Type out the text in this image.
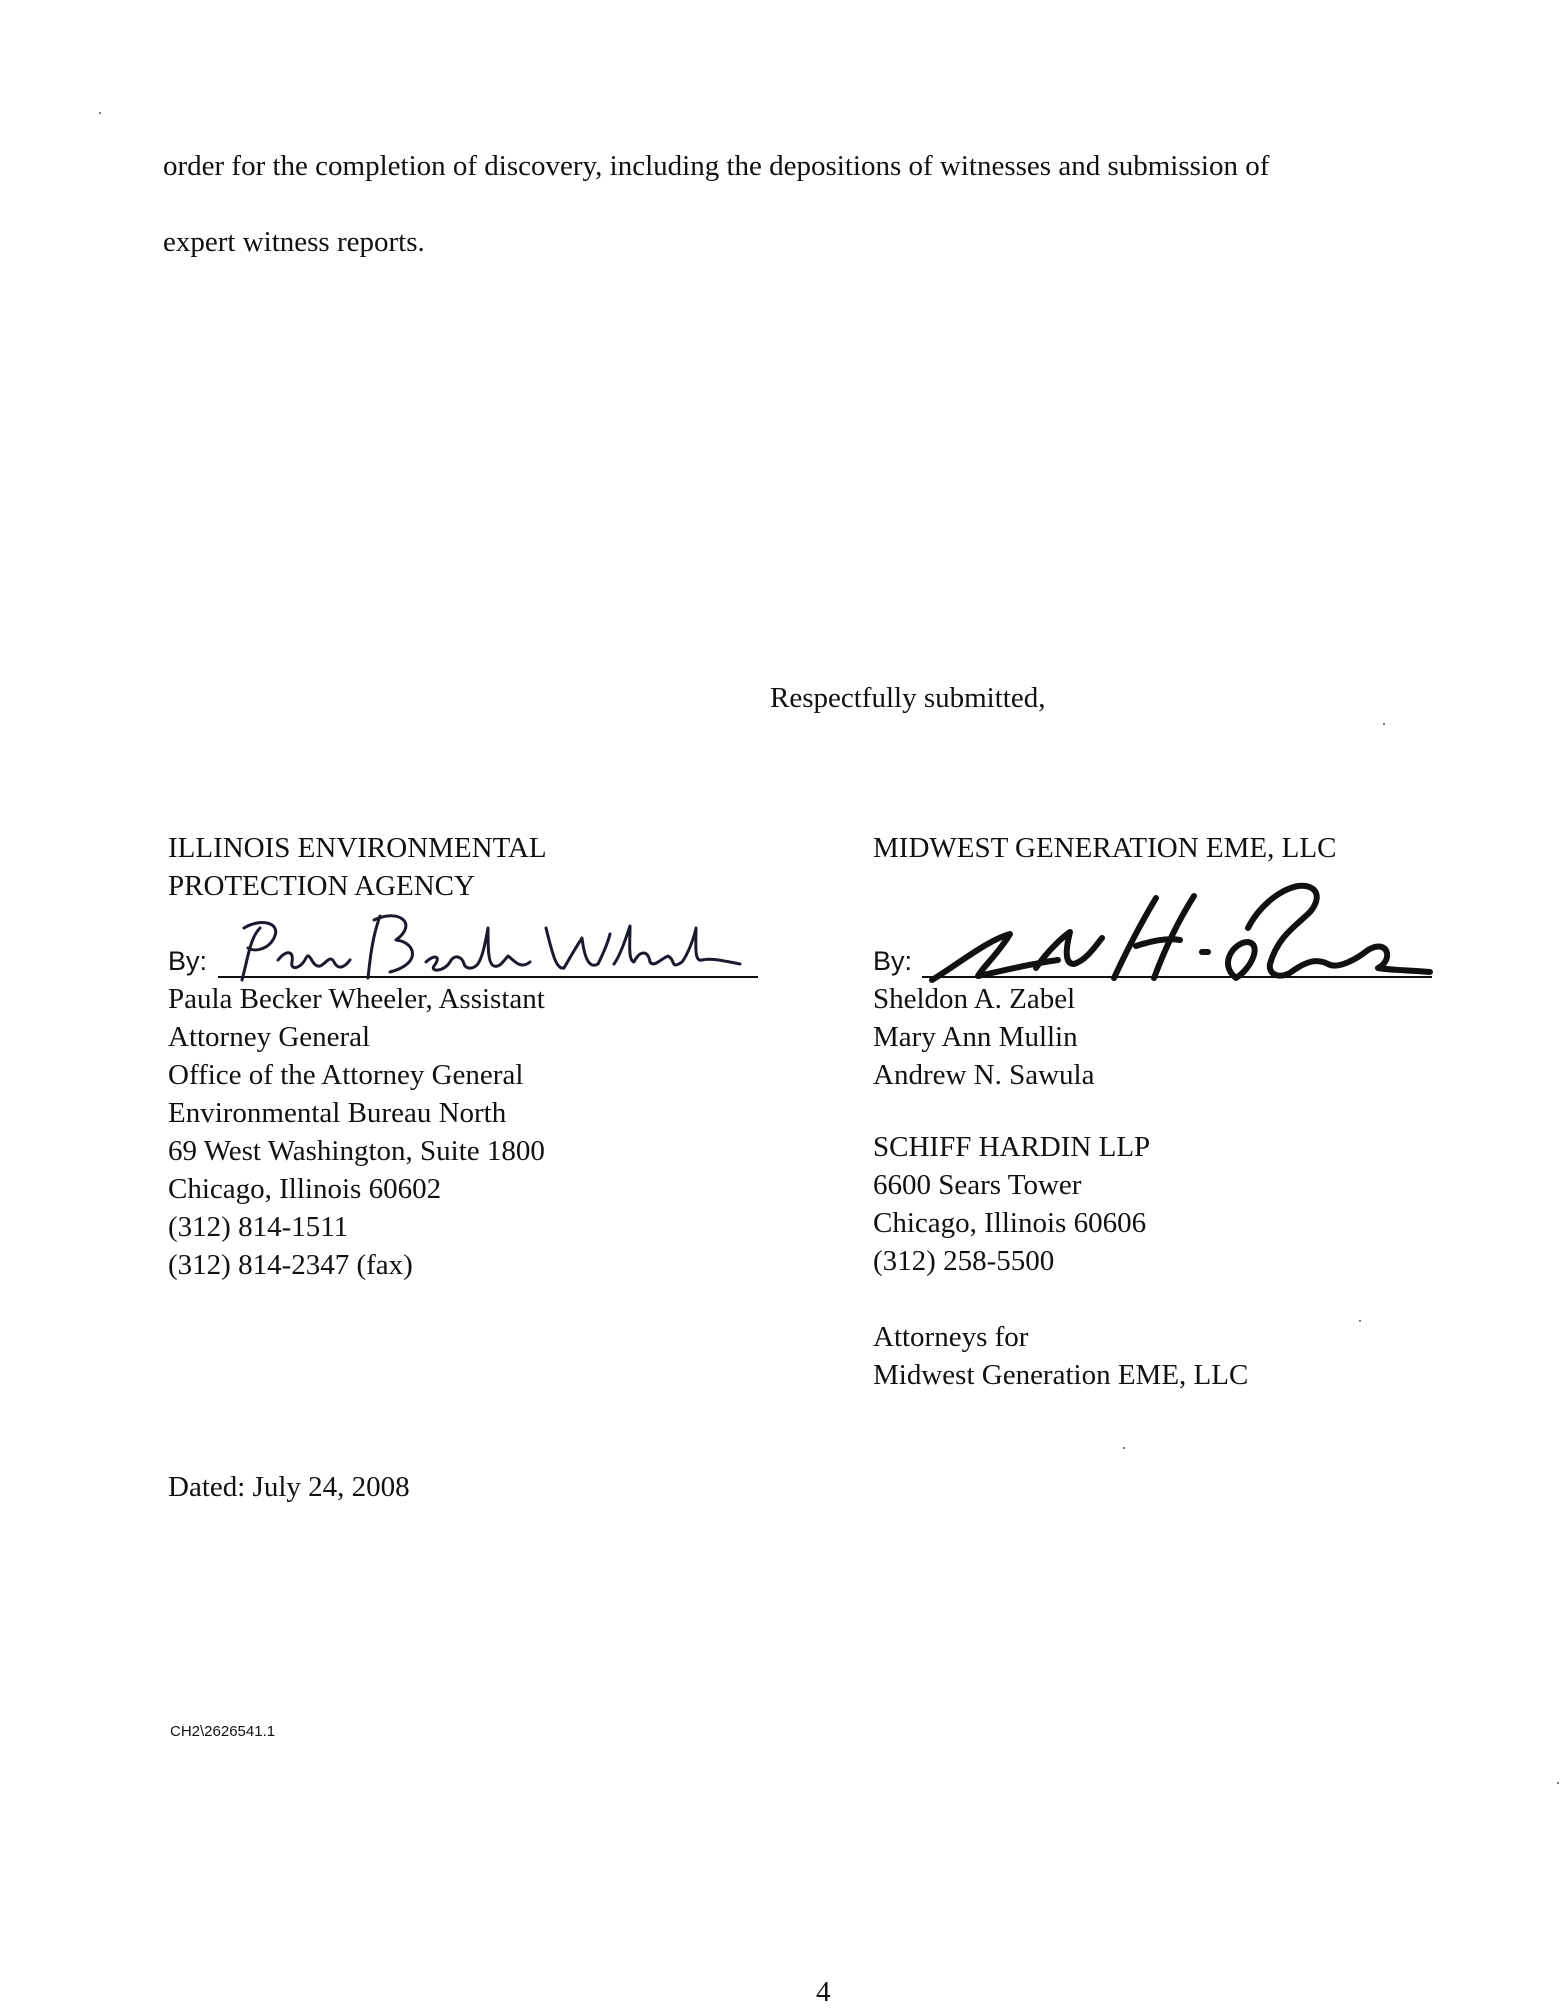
order for the completion of discovery, including the depositions of witnesses and submission of
expert witness reports.
Respectfully submitted,
ILLINOIS ENVIRONMENTAL
PROTECTION AGENCY
By:
Paula Becker Wheeler, Assistant
Attorney General
Office of the Attorney General
Environmental Bureau North
69 West Washington, Suite 1800
Chicago, Illinois 60602
(312) 814-1511
(312) 814-2347 (fax)
MIDWEST GENERATION EME, LLC
By:
Sheldon A. Zabel
Mary Ann Mullin
Andrew N. Sawula
SCHIFF HARDIN LLP
6600 Sears Tower
Chicago, Illinois 60606
(312) 258-5500
Attorneys for
Midwest Generation EME, LLC
Dated: July 24, 2008
CH2\2626541.1
4
